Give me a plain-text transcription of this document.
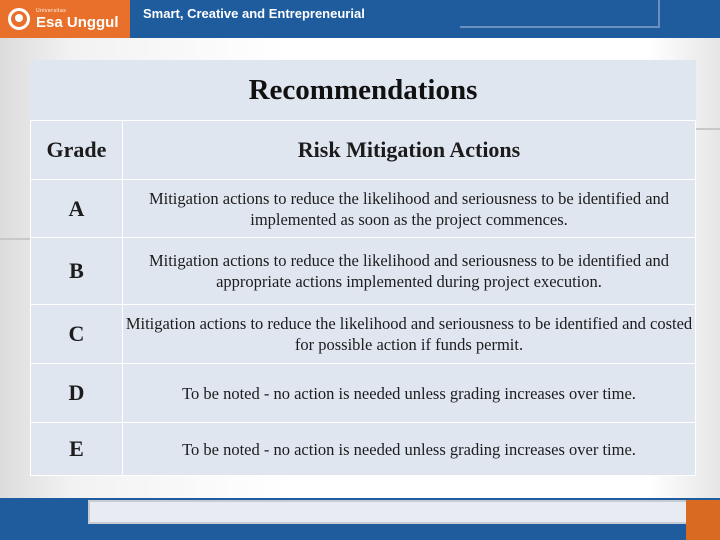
Universitas
Esa Unggul Smart, Creative and Entrepreneurial
Recommendations
Grade	Risk Mitigation Actions
A	Mitigation actions to reduce the likelihood and seriousness to be identified and implemented as soon as the project commences.
B	Mitigation actions to reduce the likelihood and seriousness to be identified and appropriate actions implemented during project execution.
C	Mitigation actions to reduce the likelihood and seriousness to be identified and costed for possible action if funds permit.
D	To be noted - no action is needed unless grading increases over time.
E	To be noted - no action is needed unless grading increases over time.
